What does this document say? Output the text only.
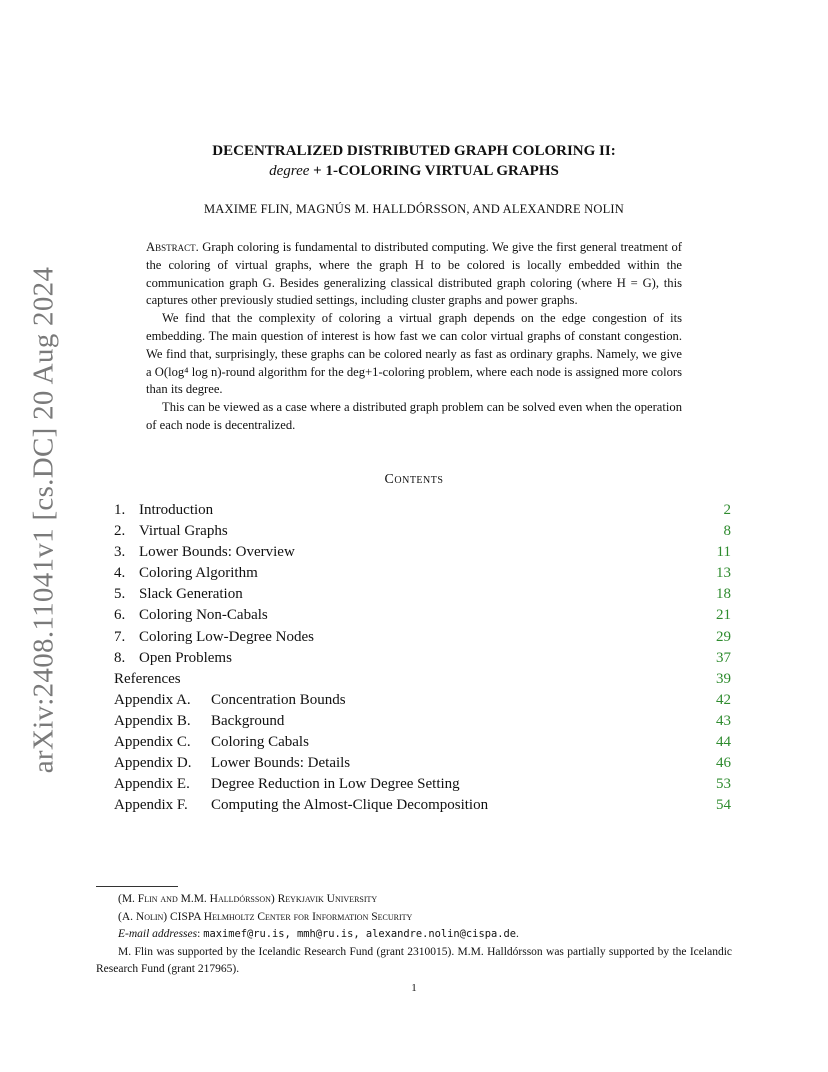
arXiv:2408.11041v1 [cs.DC] 20 Aug 2024
DECENTRALIZED DISTRIBUTED GRAPH COLORING II:
degree + 1-COLORING VIRTUAL GRAPHS
MAXIME FLIN, MAGNÚS M. HALLDÓRSSON, AND ALEXANDRE NOLIN

Abstract. Graph coloring is fundamental to distributed computing. We give the first general treatment of the coloring of virtual graphs, where the graph H to be colored is locally embedded within the communication graph G. Besides generalizing classical distributed graph coloring (where H = G), this captures other previously studied settings, including cluster graphs and power graphs.

We find that the complexity of coloring a virtual graph depends on the edge congestion of its embedding. The main question of interest is how fast we can color virtual graphs of constant congestion. We find that, surprisingly, these graphs can be colored nearly as fast as ordinary graphs. Namely, we give a O(log⁴ log n)-round algorithm for the deg+1-coloring problem, where each node is assigned more colors than its degree.

This can be viewed as a case where a distributed graph problem can be solved even when the operation of each node is decentralized.

Contents
1. Introduction	2
2. Virtual Graphs	8
3. Lower Bounds: Overview	11
4. Coloring Algorithm	13
5. Slack Generation	18
6. Coloring Non-Cabals	21
7. Coloring Low-Degree Nodes	29
8. Open Problems	37
References	39
Appendix A. Concentration Bounds	42
Appendix B. Background	43
Appendix C. Coloring Cabals	44
Appendix D. Lower Bounds: Details	46
Appendix E. Degree Reduction in Low Degree Setting	53
Appendix F. Computing the Almost-Clique Decomposition	54
(M. Flin and M.M. Halldórsson) Reykjavik University
(A. Nolin) CISPA Helmholtz Center for Information Security
E-mail addresses: maximef@ru.is, mmh@ru.is, alexandre.nolin@cispa.de.
M. Flin was supported by the Icelandic Research Fund (grant 2310015). M.M. Halldórsson was partially supported by the Icelandic Research Fund (grant 217965).
1
